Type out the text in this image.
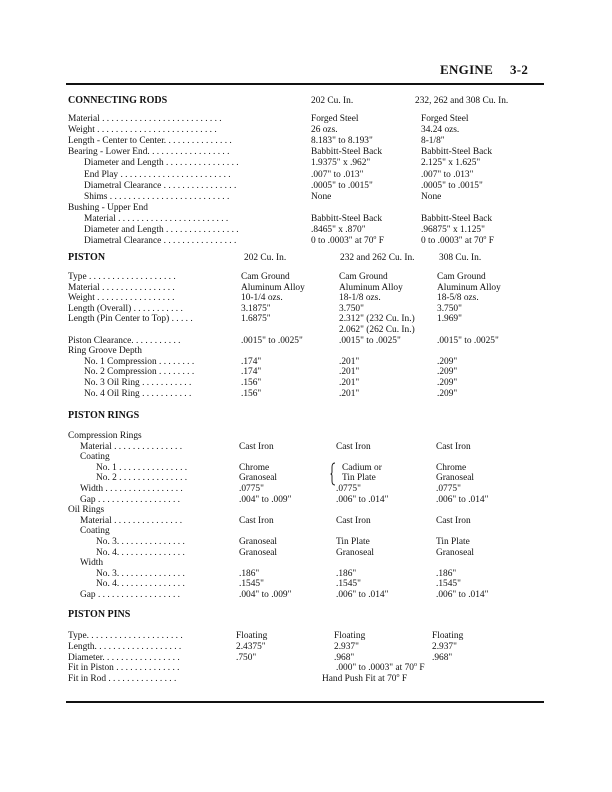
ENGINE 3-2
CONNECTING RODS	202 Cu. In.	232, 262 and 308 Cu. In.
Material . . . . . . . . . . . . . . . . . . . . . . . . . .	Forged Steel	Forged Steel
Weight . . . . . . . . . . . . . . . . . . . . . . . . . .	26 ozs.	34.24 ozs.
Length - Center to Center. . . . . . . . . . . . . . .	8.183" to 8.193"	8-1/8"
Bearing - Lower End. . . . . . . . . . . . . . . . . .	Babbitt-Steel Back	Babbitt-Steel Back
Diameter and Length . . . . . . . . . . . . . . . .	1.9375" x .962"	2.125" x 1.625"
End Play . . . . . . . . . . . . . . . . . . . . . . . .	.007" to .013"	.007" to .013"
Diametral Clearance . . . . . . . . . . . . . . . .	.0005" to .0015"	.0005" to .0015"
Shims . . . . . . . . . . . . . . . . . . . . . . . . . .	None	None
Bushing - Upper End
Material . . . . . . . . . . . . . . . . . . . . . . . .	Babbitt-Steel Back	Babbitt-Steel Back
Diameter and Length . . . . . . . . . . . . . . . .	.8465" x .870"	.96875" x 1.125"
Diametral Clearance . . . . . . . . . . . . . . . .	0 to .0003" at 70$^o$ F	0 to .0003" at 70$^o$ F
PISTON	202 Cu. In.	232 and 262 Cu. In.	308 Cu. In.
Type . . . . . . . . . . . . . . . . . . .	Cam Ground	Cam Ground	Cam Ground
Material . . . . . . . . . . . . . . . .	Aluminum Alloy	Aluminum Alloy	Aluminum Alloy
Weight . . . . . . . . . . . . . . . . .	10-1/4 ozs.	18-1/8 ozs.	18-5/8 ozs.
Length (Overall) . . . . . . . . . . .	3.1875"	3.750"	3.750"
Length (Pin Center to Top) . . . . .	1.6875"	2.312" (232 Cu. In.) 1.969"
2.062" (262 Cu. In.)
Piston Clearance. . . . . . . . . . .	.0015" to .0025"	.0015" to .0025"	.0015" to .0025"
Ring Groove Depth
No. 1 Compression . . . . . . . .	.174"	.201"	.209"
No. 2 Compression . . . . . . . .	.174"	.201"	.209"
No. 3 Oil Ring . . . . . . . . . . .	.156"	.201"	.209"
No. 4 Oil Ring . . . . . . . . . . .	.156"	.201"	.209"
PISTON RINGS
Compression Rings
Material . . . . . . . . . . . . . . .	Cast Iron	Cast Iron	Cast Iron
Coating
No. 1 . . . . . . . . . . . . . . .	Chrome	Cadium or	Chrome
No. 2 . . . . . . . . . . . . . . .	Granoseal	Tin Plate	Granoseal
Width . . . . . . . . . . . . . . . . .	.0775"	.0775"	.0775"
Gap . . . . . . . . . . . . . . . . . .	.004" to .009"	.006" to .014"	.006" to .014"
Oil Rings
Material . . . . . . . . . . . . . . .	Cast Iron	Cast Iron	Cast Iron
Coating
No. 3. . . . . . . . . . . . . . .	Granoseal	Tin Plate	Tin Plate
No. 4. . . . . . . . . . . . . . .	Granoseal	Granoseal	Granoseal
Width
No. 3. . . . . . . . . . . . . . .	.186"	.186"	.186"
No. 4. . . . . . . . . . . . . . .	.1545"	.1545"	.1545"
Gap . . . . . . . . . . . . . . . . . .	.004" to .009"	.006" to .014"	.006" to .014"
PISTON PINS
Type. . . . . . . . . . . . . . . . . . . . .	Floating	Floating	Floating
Length. . . . . . . . . . . . . . . . . . .	2.4375"	2.937"	2.937"
Diameter. . . . . . . . . . . . . . . . .	.750"	.968"	.968"
Fit in Piston . . . . . . . . . . . . . .	.000" to .0003" at 70$^o$ F
Fit in Rod . . . . . . . . . . . . . . .	Hand Push Fit at 70$^o$ F
